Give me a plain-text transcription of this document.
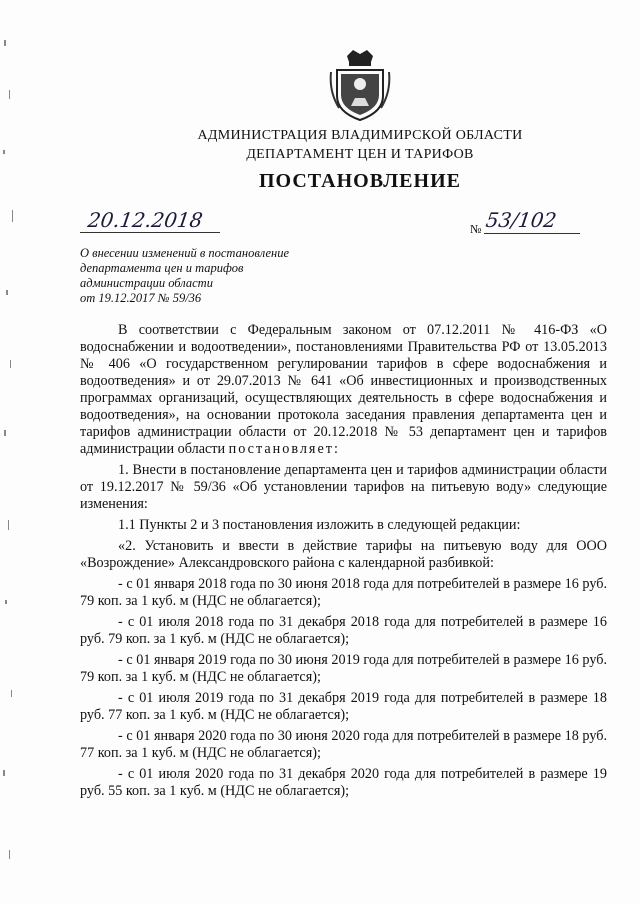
АДМИНИСТРАЦИЯ ВЛАДИМИРСКОЙ ОБЛАСТИ
ДЕПАРТАМЕНТ ЦЕН И ТАРИФОВ
ПОСТАНОВЛЕНИЕ
20.12.2018	№ 53/102
О внесении изменений в постановление
департамента цен и тарифов
администрации области
от 19.12.2017 № 59/36

В соответствии с Федеральным законом от 07.12.2011 № 416-ФЗ «О водоснабжении и водоотведении», постановлениями Правительства РФ от 13.05.2013 № 406 «О государственном регулировании тарифов в сфере водоснабжения и водоотведения» и от 29.07.2013 № 641 «Об инвестиционных и производственных программах организаций, осуществляющих деятельность в сфере водоснабжения и водоотведения», на основании протокола заседания правления департамента цен и тарифов администрации области от 20.12.2018 № 53 департамент цен и тарифов администрации области постановляет:

1. Внести в постановление департамента цен и тарифов администрации области от 19.12.2017 № 59/36 «Об установлении тарифов на питьевую воду» следующие изменения:

1.1 Пункты 2 и 3 постановления изложить в следующей редакции:

«2. Установить и ввести в действие тарифы на питьевую воду для ООО «Возрождение» Александровского района с календарной разбивкой:

- с 01 января 2018 года по 30 июня 2018 года для потребителей в размере 16 руб. 79 коп. за 1 куб. м (НДС не облагается);

- с 01 июля 2018 года по 31 декабря 2018 года для потребителей в размере 16 руб. 79 коп. за 1 куб. м (НДС не облагается);

- с 01 января 2019 года по 30 июня 2019 года для потребителей в размере 16 руб. 79 коп. за 1 куб. м (НДС не облагается);

- с 01 июля 2019 года по 31 декабря 2019 года для потребителей в размере 18 руб. 77 коп. за 1 куб. м (НДС не облагается);

- с 01 января 2020 года по 30 июня 2020 года для потребителей в размере 18 руб. 77 коп. за 1 куб. м (НДС не облагается);

- с 01 июля 2020 года по 31 декабря 2020 года для потребителей в размере 19 руб. 55 коп. за 1 куб. м (НДС не облагается);
